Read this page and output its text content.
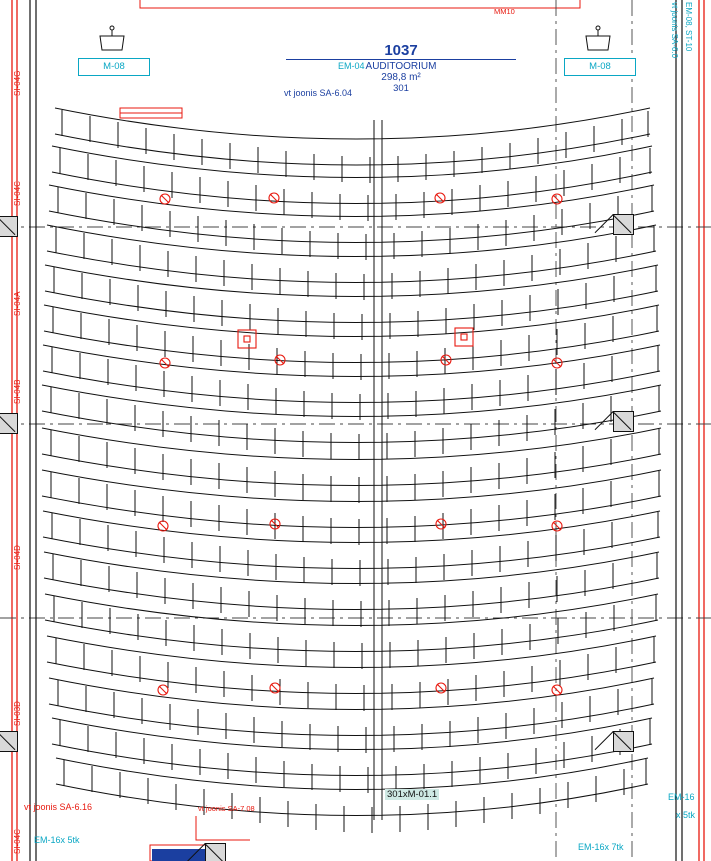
M-08	M-08
EM-04
1037
AUDITOORIUM
298,8 m²
301
vt joonis SA-6.04
MM10
301xM-01.1
vt joonis SA-6.16	vt joonis SA-7.08
EM-16x 5tk
EM-16
x 5tk
EM-16x 7tk
vt joonis SA-6.0 EM-08, ST-10
SI-04G
SI-04C
SI-04A
SI-04B
SI-04D
SI-03D
SI-04C
